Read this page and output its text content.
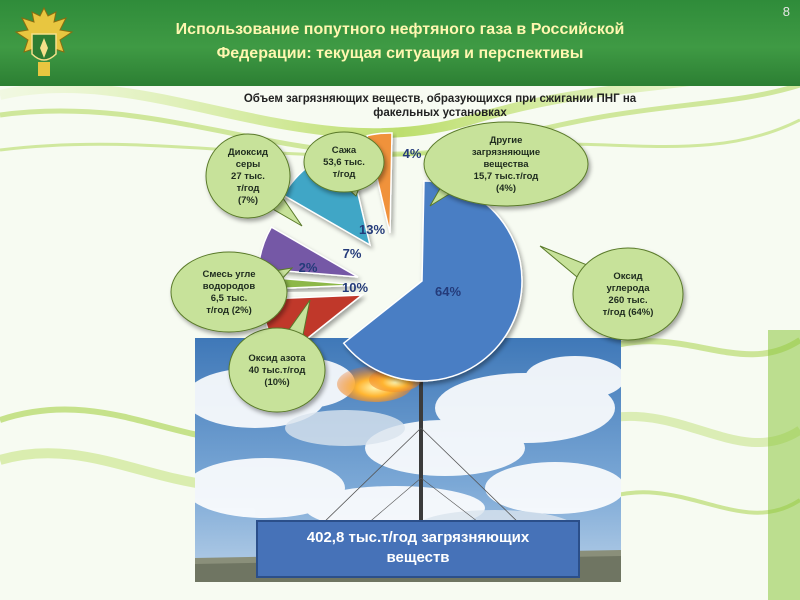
Использование попутного нефтяного газа в Российской
Федерации: текущая ситуация и перспективы
8
Объем загрязняющих веществ, образующихся при сжигании ПНГ на
факельных установках
64%
10%
2%
7%
13%
4%
Оксид
углерода
260 тыс.
т/год (64%)
Оксид азота
40 тыс.т/год
(10%)
Смесь угле
водородов
6,5 тыс.
т/год (2%)
Диоксид
серы
27 тыс.
т/год
(7%)
Сажа
53,6 тыс.
т/год
Другие
загрязняющие
вещества
15,7 тыс.т/год
(4%)
402,8 тыс.т/год загрязняющих
веществ
